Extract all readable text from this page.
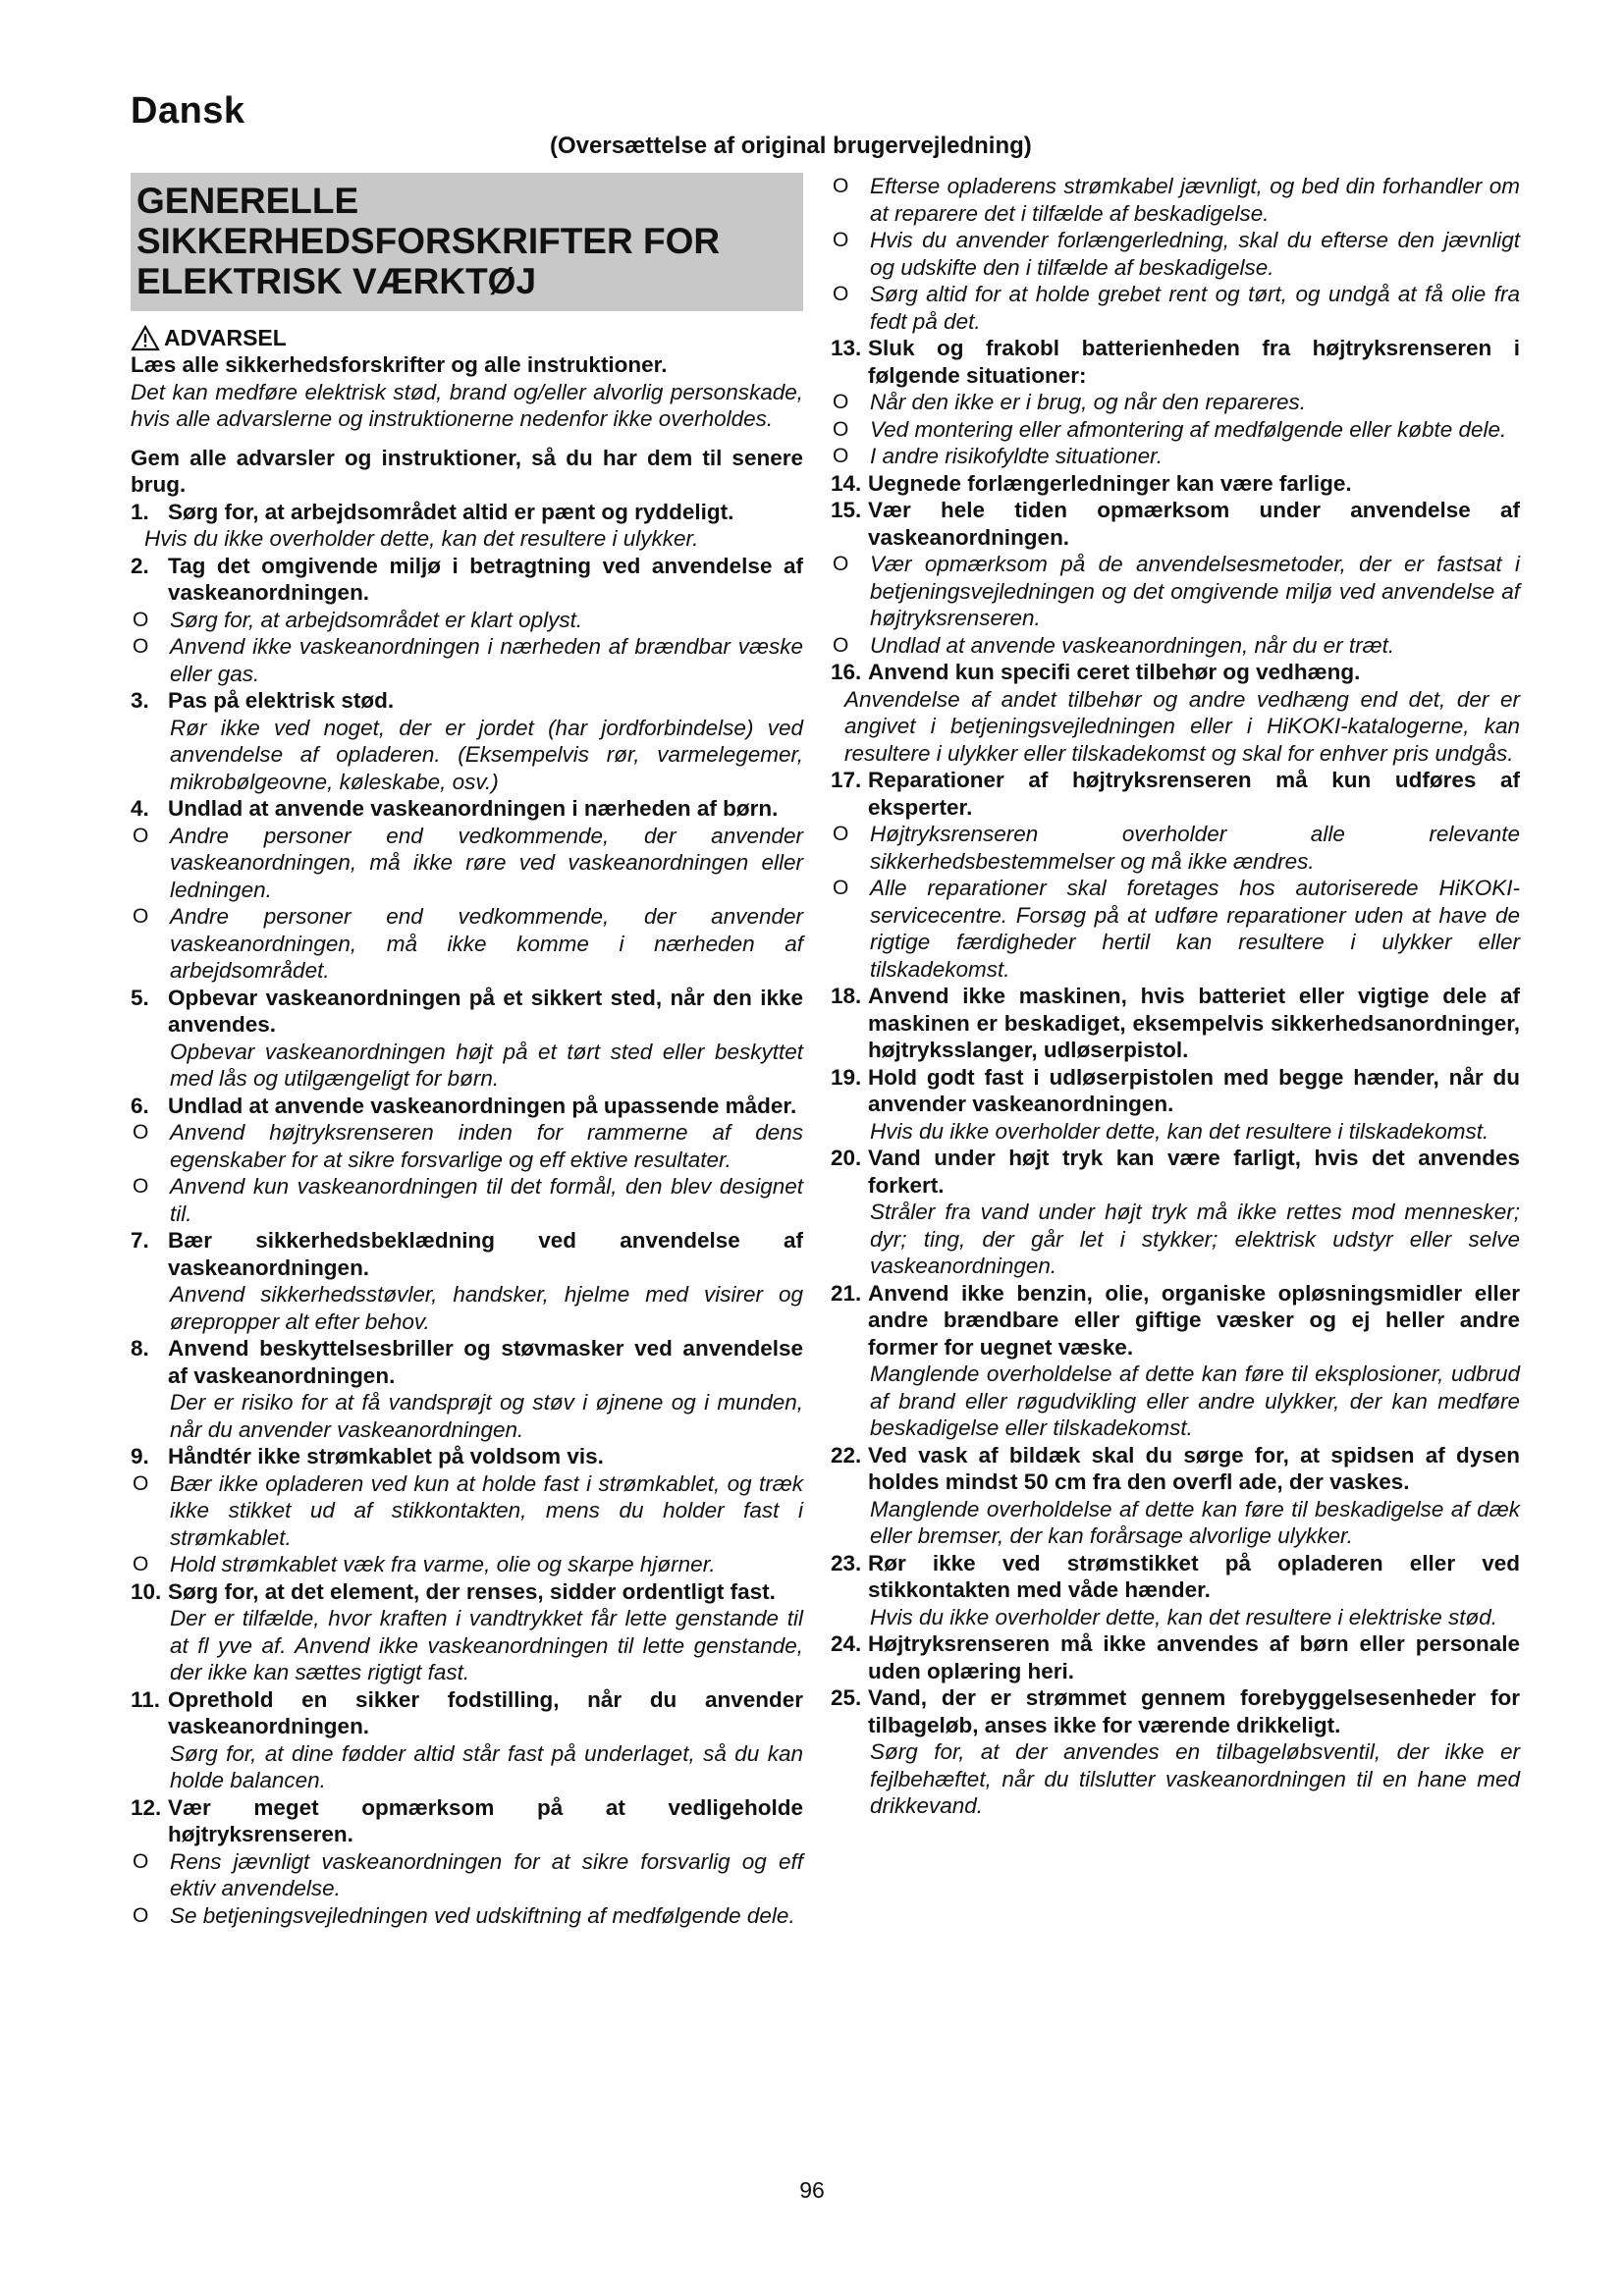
Dansk
(Oversættelse af original brugervejledning)
GENERELLE
SIKKERHEDSFORSKRIFTER FOR
ELEKTRISK VÆRKTØJ
ADVARSEL

Læs alle sikkerhedsforskrifter og alle instruktioner.

Det kan medføre elektrisk stød, brand og/eller alvorlig personskade, hvis alle advarslerne og instruktionerne nedenfor ikke overholdes.

Gem alle advarsler og instruktioner, så du har dem til senere brug.

1. Sørg for, at arbejdsområdet altid er pænt og ryddeligt.
Hvis du ikke overholder dette, kan det resultere i ulykker.
2. Tag det omgivende miljø i betragtning ved anvendelse af vaskeanordningen.
O Sørg for, at arbejdsområdet er klart oplyst.
O Anvend ikke vaskeanordningen i nærheden af brændbar væske eller gas.
3. Pas på elektrisk stød.
Rør ikke ved noget, der er jordet (har jordforbindelse) ved anvendelse af opladeren. (Eksempelvis rør, varmelegemer, mikrobølgeovne, køleskabe, osv.)
4. Undlad at anvende vaskeanordningen i nærheden af børn.
O Andre personer end vedkommende, der anvender vaskeanordningen, må ikke røre ved vaskeanordningen eller ledningen.
O Andre personer end vedkommende, der anvender vaskeanordningen, må ikke komme i nærheden af arbejdsområdet.
5. Opbevar vaskeanordningen på et sikkert sted, når den ikke anvendes.
Opbevar vaskeanordningen højt på et tørt sted eller beskyttet med lås og utilgængeligt for børn.
6. Undlad at anvende vaskeanordningen på upassende måder.
O Anvend højtryksrenseren inden for rammerne af dens egenskaber for at sikre forsvarlige og eff ektive resultater.
O Anvend kun vaskeanordningen til det formål, den blev designet til.
7. Bær sikkerhedsbeklædning ved anvendelse af vaskeanordningen.
Anvend sikkerhedsstøvler, handsker, hjelme med visirer og ørepropper alt efter behov.
8. Anvend beskyttelsesbriller og støvmasker ved anvendelse af vaskeanordningen.
Der er risiko for at få vandsprøjt og støv i øjnene og i munden, når du anvender vaskeanordningen.
9. Håndtér ikke strømkablet på voldsom vis.
O Bær ikke opladeren ved kun at holde fast i strømkablet, og træk ikke stikket ud af stikkontakten, mens du holder fast i strømkablet.
O Hold strømkablet væk fra varme, olie og skarpe hjørner.
10. Sørg for, at det element, der renses, sidder ordentligt fast.
Der er tilfælde, hvor kraften i vandtrykket får lette genstande til at fl yve af. Anvend ikke vaskeanordningen til lette genstande, der ikke kan sættes rigtigt fast.
11. Oprethold en sikker fodstilling, når du anvender vaskeanordningen.
Sørg for, at dine fødder altid står fast på underlaget, så du kan holde balancen.
12. Vær meget opmærksom på at vedligeholde højtryksrenseren.
O Rens jævnligt vaskeanordningen for at sikre forsvarlig og eff ektiv anvendelse.
O Se betjeningsvejledningen ved udskiftning af medfølgende dele.
O Efterse opladerens strømkabel jævnligt, og bed din forhandler om at reparere det i tilfælde af beskadigelse.
O Hvis du anvender forlængerledning, skal du efterse den jævnligt og udskifte den i tilfælde af beskadigelse.
O Sørg altid for at holde grebet rent og tørt, og undgå at få olie fra fedt på det.
13. Sluk og frakobl batterienheden fra højtryksrenseren i følgende situationer:
O Når den ikke er i brug, og når den repareres.
O Ved montering eller afmontering af medfølgende eller købte dele.
O I andre risikofyldte situationer.
14. Uegnede forlængerledninger kan være farlige.
15. Vær hele tiden opmærksom under anvendelse af vaskeanordningen.
O Vær opmærksom på de anvendelsesmetoder, der er fastsat i betjeningsvejledningen og det omgivende miljø ved anvendelse af højtryksrenseren.
O Undlad at anvende vaskeanordningen, når du er træt.
16. Anvend kun specifi ceret tilbehør og vedhæng.
Anvendelse af andet tilbehør og andre vedhæng end det, der er angivet i betjeningsvejledningen eller i HiKOKI-katalogerne, kan resultere i ulykker eller tilskadekomst og skal for enhver pris undgås.
17. Reparationer af højtryksrenseren må kun udføres af eksperter.
O Højtryksrenseren overholder alle relevante sikkerhedsbestemmelser og må ikke ændres.
O Alle reparationer skal foretages hos autoriserede HiKOKI-servicecentre. Forsøg på at udføre reparationer uden at have de rigtige færdigheder hertil kan resultere i ulykker eller tilskadekomst.
18. Anvend ikke maskinen, hvis batteriet eller vigtige dele af maskinen er beskadiget, eksempelvis sikkerhedsanordninger, højtryksslanger, udløserpistol.
19. Hold godt fast i udløserpistolen med begge hænder, når du anvender vaskeanordningen.
Hvis du ikke overholder dette, kan det resultere i tilskadekomst.
20. Vand under højt tryk kan være farligt, hvis det anvendes forkert.
Stråler fra vand under højt tryk må ikke rettes mod mennesker; dyr; ting, der går let i stykker; elektrisk udstyr eller selve vaskeanordningen.
21. Anvend ikke benzin, olie, organiske opløsningsmidler eller andre brændbare eller giftige væsker og ej heller andre former for uegnet væske.
Manglende overholdelse af dette kan føre til eksplosioner, udbrud af brand eller røgudvikling eller andre ulykker, der kan medføre beskadigelse eller tilskadekomst.
22. Ved vask af bildæk skal du sørge for, at spidsen af dysen holdes mindst 50 cm fra den overfl ade, der vaskes.
Manglende overholdelse af dette kan føre til beskadigelse af dæk eller bremser, der kan forårsage alvorlige ulykker.
23. Rør ikke ved strømstikket på opladeren eller ved stikkontakten med våde hænder.
Hvis du ikke overholder dette, kan det resultere i elektriske stød.
24. Højtryksrenseren må ikke anvendes af børn eller personale uden oplæring heri.
25. Vand, der er strømmet gennem forebyggelsesenheder for tilbageløb, anses ikke for værende drikkeligt.
Sørg for, at der anvendes en tilbageløbsventil, der ikke er fejlbehæftet, når du tilslutter vaskeanordningen til en hane med drikkevand.
96
